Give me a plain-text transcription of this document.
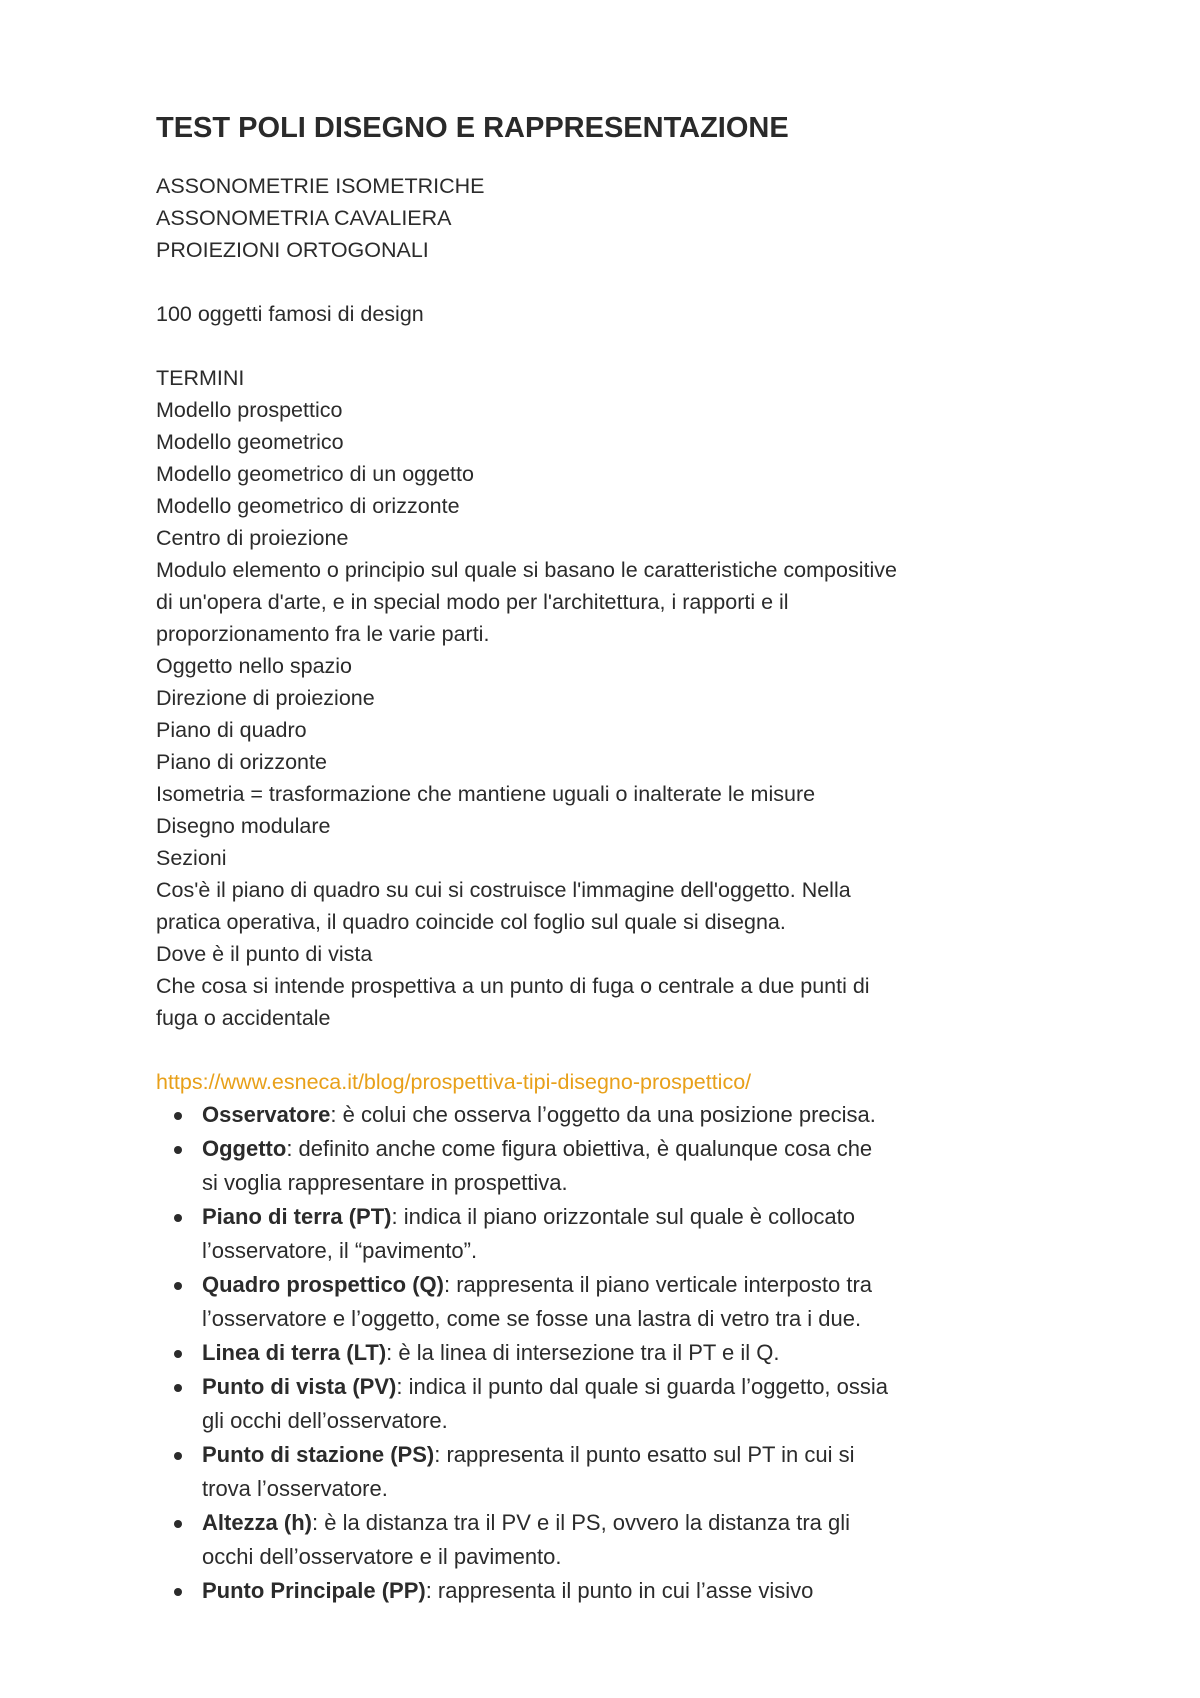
TEST POLI DISEGNO E RAPPRESENTAZIONE
ASSONOMETRIE ISOMETRICHE
ASSONOMETRIA CAVALIERA
PROIEZIONI ORTOGONALI
100 oggetti famosi di design
TERMINI
Modello prospettico
Modello geometrico
Modello geometrico di un oggetto
Modello geometrico di orizzonte
Centro di proiezione
Modulo elemento o principio sul quale si basano le caratteristiche compositive
di un'opera d'arte, e in special modo per l'architettura, i rapporti e il
proporzionamento fra le varie parti.
Oggetto nello spazio
Direzione di proiezione
Piano di quadro
Piano di orizzonte
Isometria = trasformazione che mantiene uguali o inalterate le misure
Disegno modulare
Sezioni
Cos'è il piano di quadro su cui si costruisce l'immagine dell'oggetto. Nella
pratica operativa, il quadro coincide col foglio sul quale si disegna.
Dove è il punto di vista
Che cosa si intende prospettiva a un punto di fuga o centrale a due punti di
fuga o accidentale
https://www.esneca.it/blog/prospettiva-tipi-disegno-prospettico/
Osservatore: è colui che osserva l’oggetto da una posizione precisa.
Oggetto: definito anche come figura obiettiva, è qualunque cosa che
si voglia rappresentare in prospettiva.
Piano di terra (PT): indica il piano orizzontale sul quale è collocato
l’osservatore, il “pavimento”.
Quadro prospettico (Q): rappresenta il piano verticale interposto tra
l’osservatore e l’oggetto, come se fosse una lastra di vetro tra i due.
Linea di terra (LT): è la linea di intersezione tra il PT e il Q.
Punto di vista (PV): indica il punto dal quale si guarda l’oggetto, ossia
gli occhi dell’osservatore.
Punto di stazione (PS): rappresenta il punto esatto sul PT in cui si
trova l’osservatore.
Altezza (h): è la distanza tra il PV e il PS, ovvero la distanza tra gli
occhi dell’osservatore e il pavimento.
Punto Principale (PP): rappresenta il punto in cui l’asse visivo
